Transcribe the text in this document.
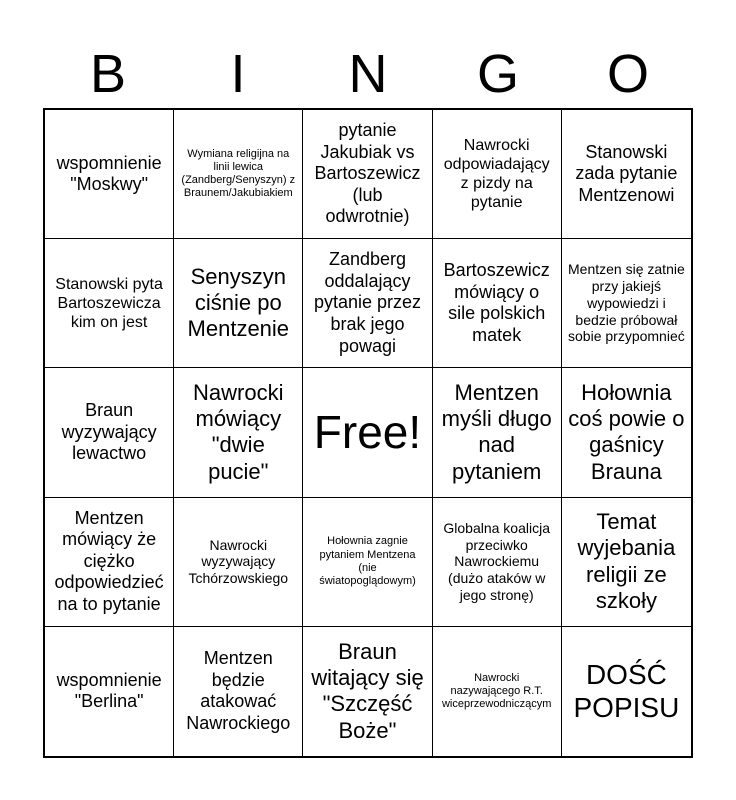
B	I	N	G	O
wspomnienie "Moskwy"
Wymiana religijna na linii lewica (Zandberg/Senyszyn) z Braunem/Jakubiakiem
pytanie Jakubiak vs Bartoszewicz (lub odwrotnie)
Nawrocki odpowiadający z pizdy na pytanie
Stanowski zada pytanie Mentzenowi
Stanowski pyta Bartoszewicza kim on jest
Senyszyn ciśnie po Mentzenie
Zandberg oddalający pytanie przez brak jego powagi
Bartoszewicz mówiący o sile polskich matek
Mentzen się zatnie przy jakiejś wypowiedzi i bedzie próbował sobie przypomnieć
Braun wyzywający lewactwo
Nawrocki mówiący "dwie pucie"
Free!
Mentzen myśli długo nad pytaniem
Hołownia coś powie o gaśnicy Brauna
Mentzen mówiący że ciężko odpowiedzieć na to pytanie
Nawrocki wyzywający Tchórzowskiego
Hołownia zagnie pytaniem Mentzena (nie światopoglądowym)
Globalna koalicja przeciwko Nawrockiemu (dużo ataków w jego stronę)
Temat wyjebania religii ze szkoły
wspomnienie "Berlina"
Mentzen będzie atakować Nawrockiego
Braun witający się "Szczęść Boże"
Nawrocki nazywającego R.T. wiceprzewodniczącym
DOŚĆ POPISU
